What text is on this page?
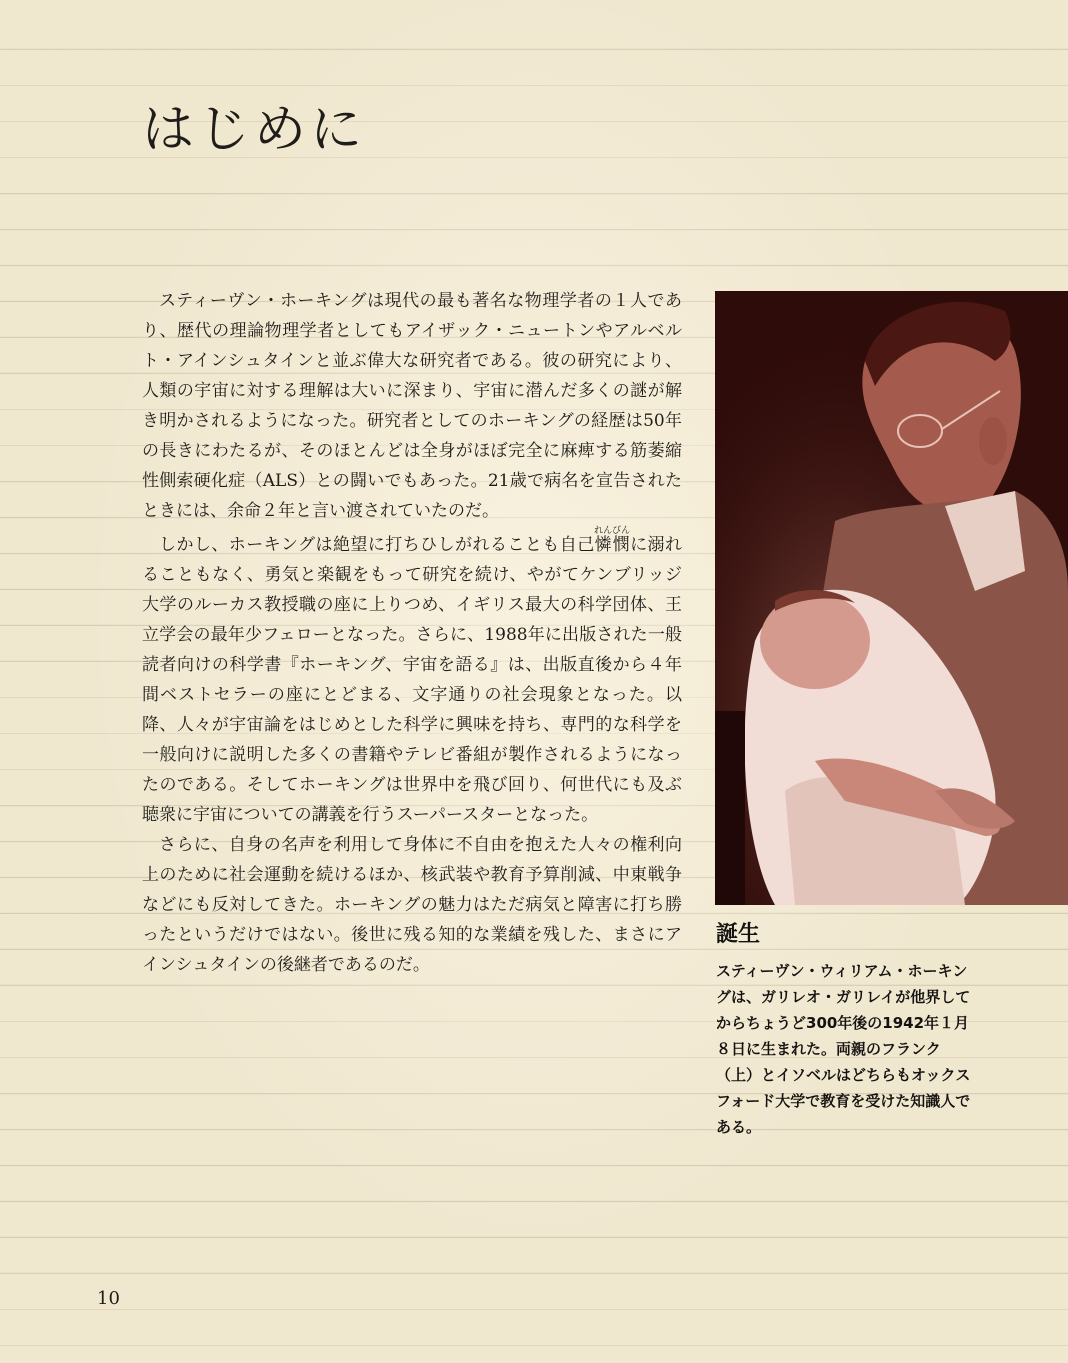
はじめに

スティーヴン・ホーキングは現代の最も著名な物理学者の１人であり、歴代の理論物理学者としてもアイザック・ニュートンやアルベルト・アインシュタインと並ぶ偉大な研究者である。彼の研究により、人類の宇宙に対する理解は大いに深まり、宇宙に潜んだ多くの謎が解き明かされるようになった。研究者としてのホーキングの経歴は50年の長きにわたるが、そのほとんどは全身がほぼ完全に麻痺する筋萎縮性側索硬化症（ALS）との闘いでもあった。21歳で病名を宣告されたときには、余命２年と言い渡されていたのだ。

しかし、ホーキングは絶望に打ちひしがれることも自己憐憫れんびんに溺れることもなく、勇気と楽観をもって研究を続け、やがてケンブリッジ大学のルーカス教授職の座に上りつめ、イギリス最大の科学団体、王立学会の最年少フェローとなった。さらに、1988年に出版された一般読者向けの科学書『ホーキング、宇宙を語る』は、出版直後から４年間ベストセラーの座にとどまる、文字通りの社会現象となった。以降、人々が宇宙論をはじめとした科学に興味を持ち、専門的な科学を一般向けに説明した多くの書籍やテレビ番組が製作されるようになったのである。そしてホーキングは世界中を飛び回り、何世代にも及ぶ聴衆に宇宙についての講義を行うスーパースターとなった。

さらに、自身の名声を利用して身体に不自由を抱えた人々の権利向上のために社会運動を続けるほか、核武装や教育予算削減、中東戦争などにも反対してきた。ホーキングの魅力はただ病気と障害に打ち勝ったというだけではない。後世に残る知的な業績を残した、まさにアインシュタインの後継者であるのだ。

誕生
スティーヴン・ウィリアム・ホーキングは、ガリレオ・ガリレイが他界してからちょうど300年後の1942年１月８日に生まれた。両親のフランク（上）とイソベルはどちらもオックスフォード大学で教育を受けた知識人である。
10
